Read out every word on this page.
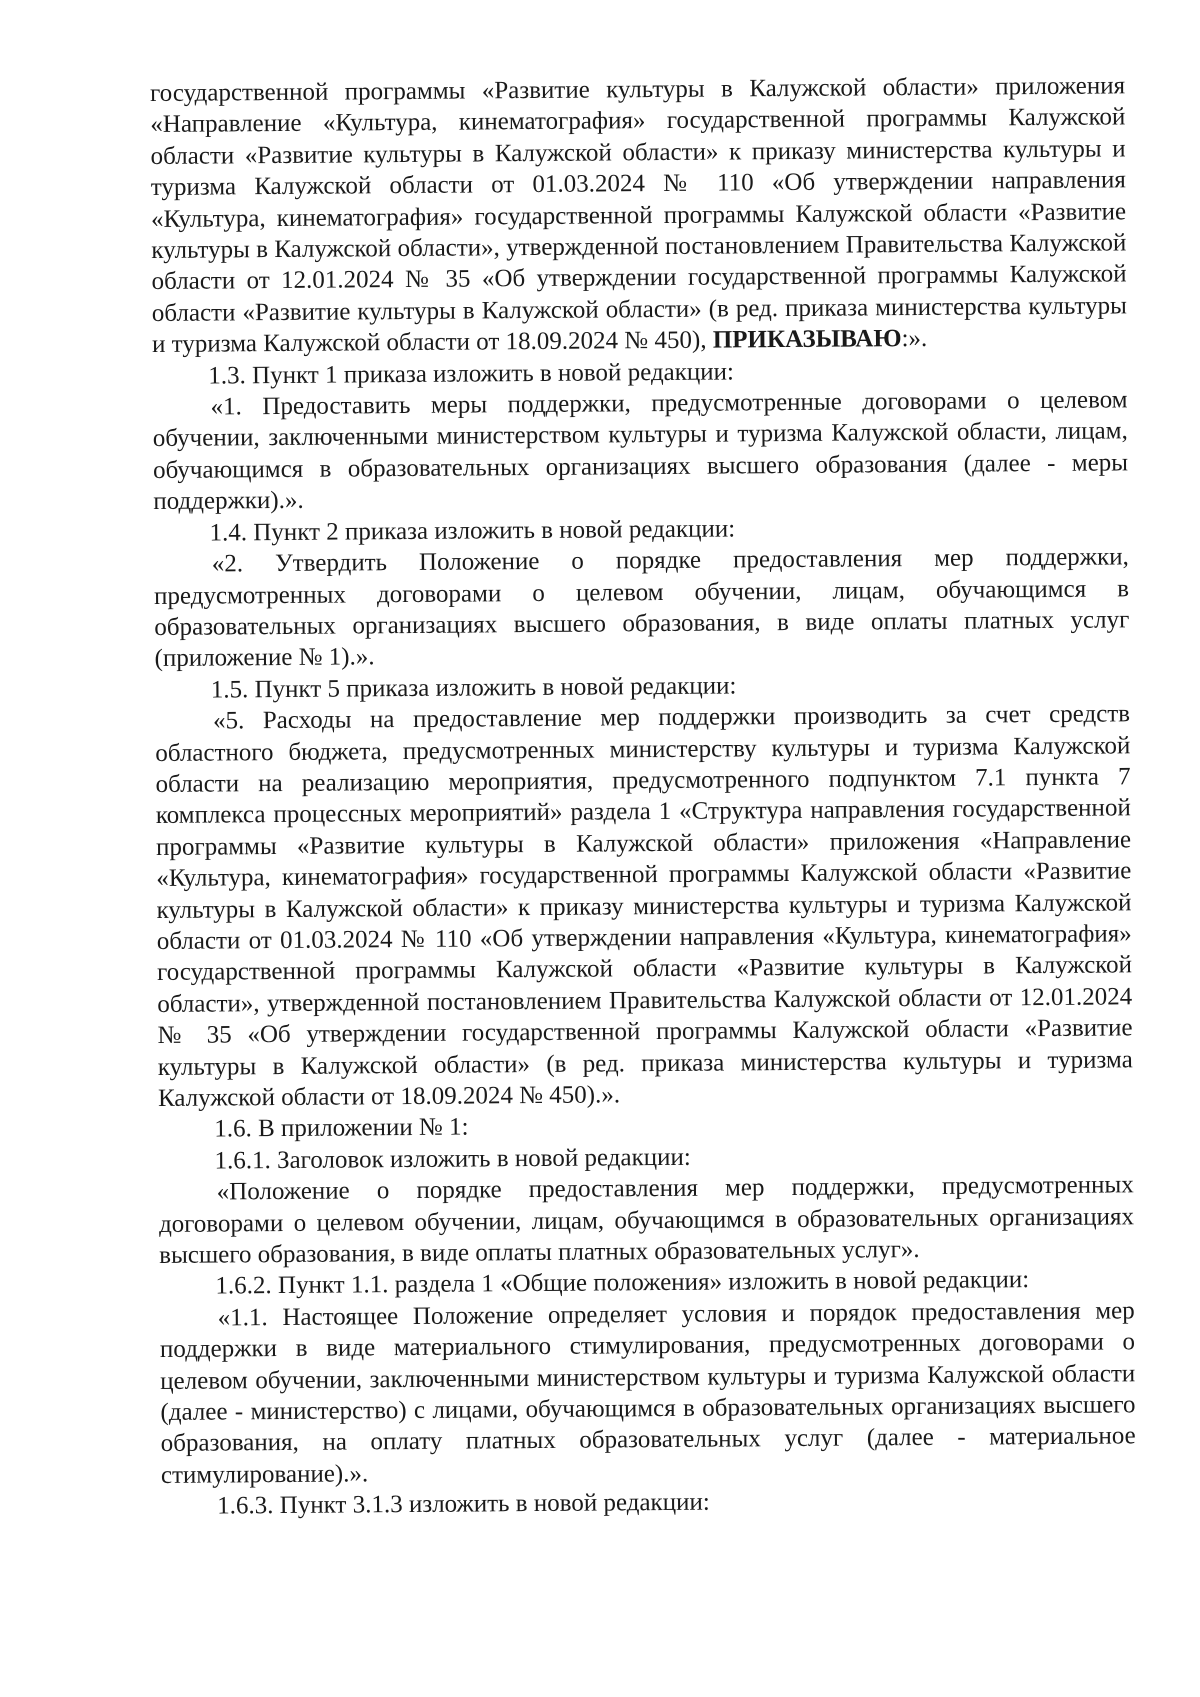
государственной программы «Развитие культуры в Калужской области» приложения «Направление «Культура, кинематография» государственной программы Калужской области «Развитие культуры в Калужской области» к приказу министерства культуры и туризма Калужской области от 01.03.2024 № 110 «Об утверждении направления «Культура, кинематография» государственной программы Калужской области «Развитие культуры в Калужской области», утвержденной постановлением Правительства Калужской области от 12.01.2024 № 35 «Об утверждении государственной программы Калужской области «Развитие культуры в Калужской области» (в ред. приказа министерства культуры и туризма Калужской области от 18.09.2024 № 450), ПРИКАЗЫВАЮ:».

1.3. Пункт 1 приказа изложить в новой редакции:

«1. Предоставить меры поддержки, предусмотренные договорами о целевом обучении, заключенными министерством культуры и туризма Калужской области, лицам, обучающимся в образовательных организациях высшего образования (далее - меры поддержки).».

1.4. Пункт 2 приказа изложить в новой редакции:

«2. Утвердить Положение о порядке предоставления мер поддержки, предусмотренных договорами о целевом обучении, лицам, обучающимся в образовательных организациях высшего образования, в виде оплаты платных услуг (приложение № 1).».

1.5. Пункт 5 приказа изложить в новой редакции:

«5. Расходы на предоставление мер поддержки производить за счет средств областного бюджета, предусмотренных министерству культуры и туризма Калужской области на реализацию мероприятия, предусмотренного подпунктом 7.1 пункта 7 комплекса процессных мероприятий» раздела 1 «Структура направления государственной программы «Развитие культуры в Калужской области» приложения «Направление «Культура, кинематография» государственной программы Калужской области «Развитие культуры в Калужской области» к приказу министерства культуры и туризма Калужской области от 01.03.2024 № 110 «Об утверждении направления «Культура, кинематография» государственной программы Калужской области «Развитие культуры в Калужской области», утвержденной постановлением Правительства Калужской области от 12.01.2024 № 35 «Об утверждении государственной программы Калужской области «Развитие культуры в Калужской области» (в ред. приказа министерства культуры и туризма Калужской области от 18.09.2024 № 450).».

1.6. В приложении № 1:

1.6.1. Заголовок изложить в новой редакции:

«Положение о порядке предоставления мер поддержки, предусмотренных договорами о целевом обучении, лицам, обучающимся в образовательных организациях высшего образования, в виде оплаты платных образовательных услуг».

1.6.2. Пункт 1.1. раздела 1 «Общие положения» изложить в новой редакции:

«1.1. Настоящее Положение определяет условия и порядок предоставления мер поддержки в виде материального стимулирования, предусмотренных договорами о целевом обучении, заключенными министерством культуры и туризма Калужской области (далее - министерство) с лицами, обучающимся в образовательных организациях высшего образования, на оплату платных образовательных услуг (далее - материальное стимулирование).».

1.6.3. Пункт 3.1.3 изложить в новой редакции:
